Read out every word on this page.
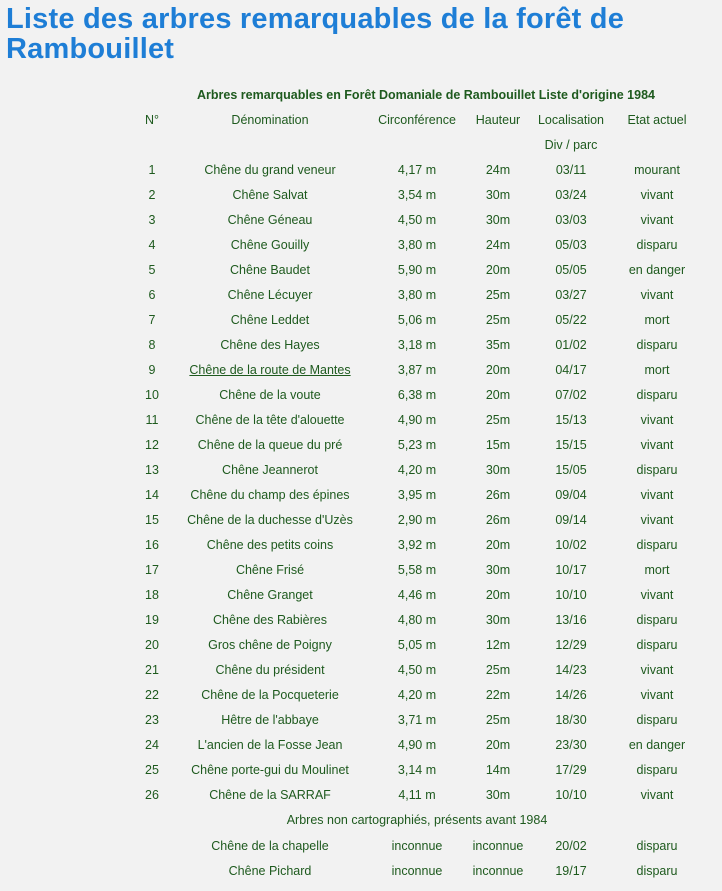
Liste des arbres remarquables de la forêt de Rambouillet
Arbres remarquables en Forêt Domaniale de Rambouillet Liste d'origine 1984					
N°	Dénomination	Circonférence	Hauteur	Localisation	Etat actuel
				Div / parc	
1	Chêne du grand veneur	4,17 m	24m	03/11	mourant
2	Chêne Salvat	3,54 m	30m	03/24	vivant
3	Chêne Géneau	4,50 m	30m	03/03	vivant
4	Chêne Gouilly	3,80 m	24m	05/03	disparu
5	Chêne Baudet	5,90 m	20m	05/05	en danger
6	Chêne Lécuyer	3,80 m	25m	03/27	vivant
7	Chêne Leddet	5,06 m	25m	05/22	mort
8	Chêne des Hayes	3,18 m	35m	01/02	disparu
9	Chêne de la route de Mantes	3,87 m	20m	04/17	mort
10	Chêne de la voute	6,38 m	20m	07/02	disparu
11	Chêne de la tête d'alouette	4,90 m	25m	15/13	vivant
12	Chêne de la queue du pré	5,23 m	15m	15/15	vivant
13	Chêne Jeannerot	4,20 m	30m	15/05	disparu
14	Chêne du champ des épines	3,95 m	26m	09/04	vivant
15	Chêne de la duchesse d'Uzès	2,90 m	26m	09/14	vivant
16	Chêne des petits coins	3,92 m	20m	10/02	disparu
17	Chêne Frisé	5,58 m	30m	10/17	mort
18	Chêne Granget	4,46 m	20m	10/10	vivant
19	Chêne des Rabières	4,80 m	30m	13/16	disparu
20	Gros chêne de Poigny	5,05 m	12m	12/29	disparu
21	Chêne du président	4,50 m	25m	14/23	vivant
22	Chêne de la Pocqueterie	4,20 m	22m	14/26	vivant
23	Hêtre de l'abbaye	3,71 m	25m	18/30	disparu
24	L'ancien de la Fosse Jean	4,90 m	20m	23/30	en danger
25	Chêne porte-gui du Moulinet	3,14 m	14m	17/29	disparu
26	Chêne de la SARRAF	4,11 m	30m	10/10	vivant
Arbres non cartographiés, présents avant 1984					
	Chêne de la chapelle	inconnue	inconnue	20/02	disparu
	Chêne Pichard	inconnue	inconnue	19/17	disparu
